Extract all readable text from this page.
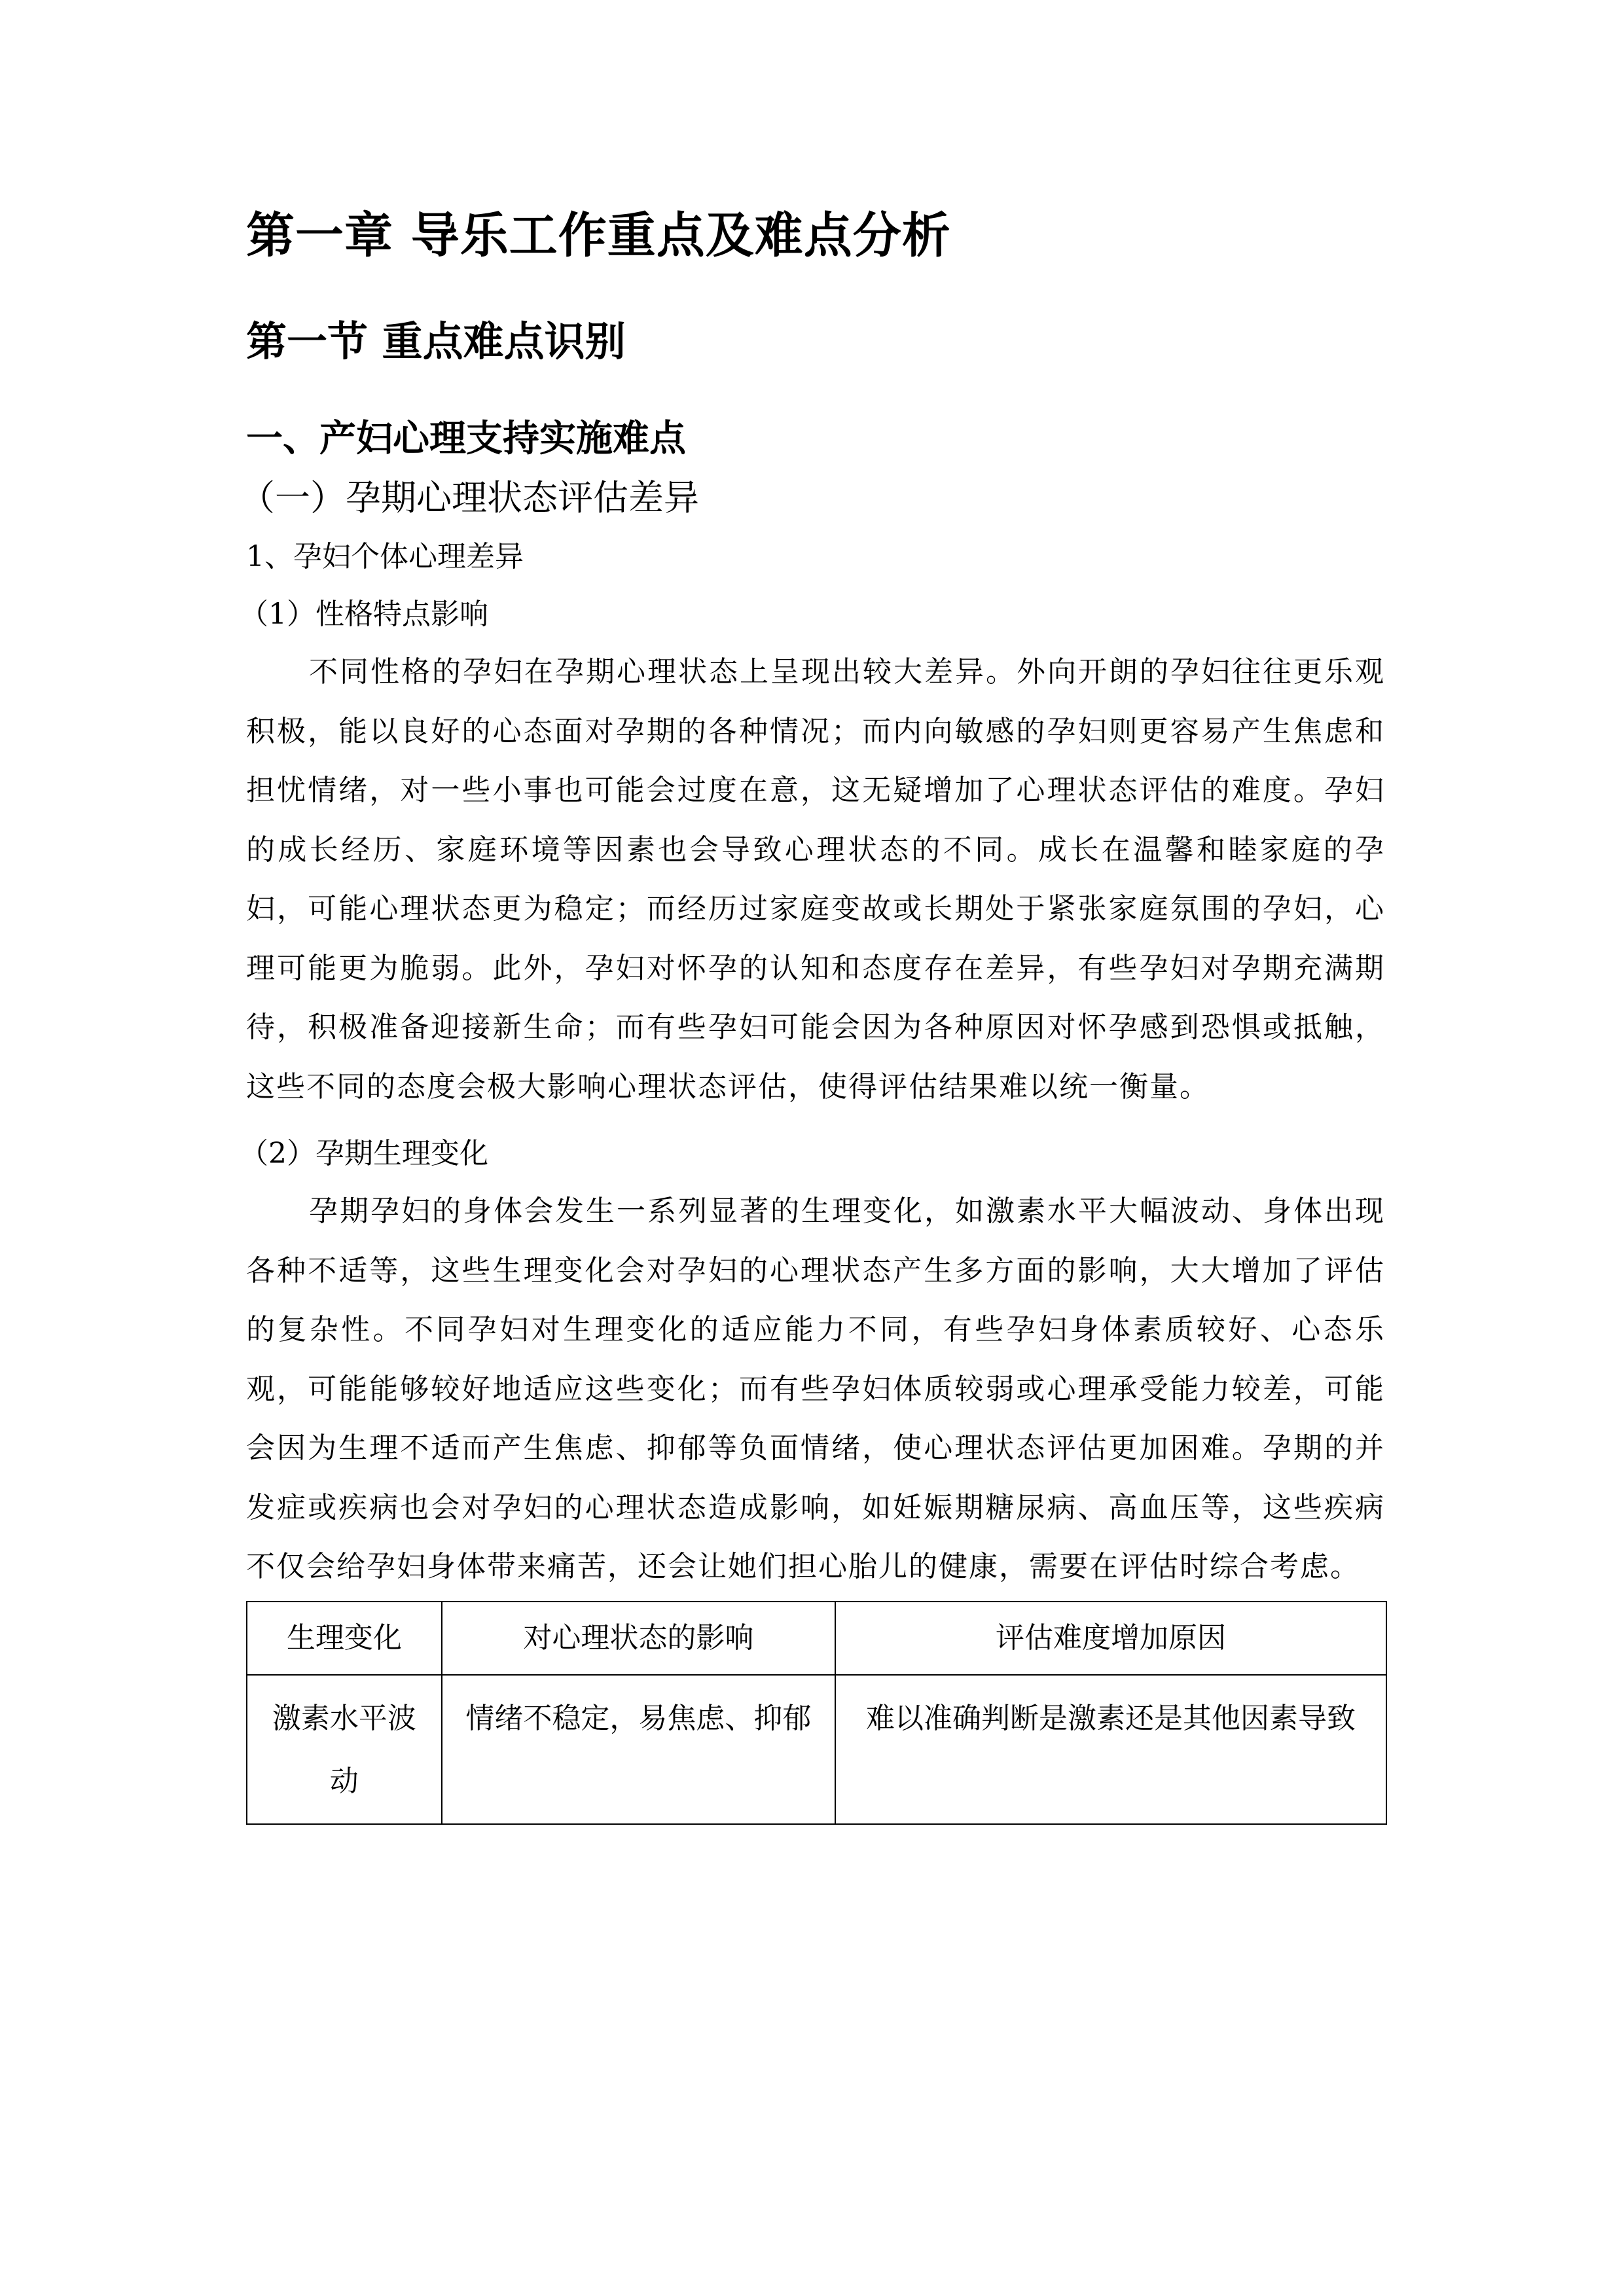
第一章 导乐工作重点及难点分析
第一节 重点难点识别
一、产妇心理支持实施难点
（一）孕期心理状态评估差异
1、孕妇个体心理差异
（1）性格特点影响

不同性格的孕妇在孕期心理状态上呈现出较大差异。外向开朗的孕妇往往更乐观积极，能以良好的心态面对孕期的各种情况；而内向敏感的孕妇则更容易产生焦虑和担忧情绪，对一些小事也可能会过度在意，这无疑增加了心理状态评估的难度。孕妇的成长经历、家庭环境等因素也会导致心理状态的不同。成长在温馨和睦家庭的孕妇，可能心理状态更为稳定；而经历过家庭变故或长期处于紧张家庭氛围的孕妇，心理可能更为脆弱。此外，孕妇对怀孕的认知和态度存在差异，有些孕妇对孕期充满期待，积极准备迎接新生命；而有些孕妇可能会因为各种原因对怀孕感到恐惧或抵触，这些不同的态度会极大影响心理状态评估，使得评估结果难以统一衡量。

（2）孕期生理变化

孕期孕妇的身体会发生一系列显著的生理变化，如激素水平大幅波动、身体出现各种不适等，这些生理变化会对孕妇的心理状态产生多方面的影响，大大增加了评估的复杂性。不同孕妇对生理变化的适应能力不同，有些孕妇身体素质较好、心态乐观，可能能够较好地适应这些变化；而有些孕妇体质较弱或心理承受能力较差，可能会因为生理不适而产生焦虑、抑郁等负面情绪，使心理状态评估更加困难。孕期的并发症或疾病也会对孕妇的心理状态造成影响，如妊娠期糖尿病、高血压等，这些疾病不仅会给孕妇身体带来痛苦，还会让她们担心胎儿的健康，需要在评估时综合考虑。

生理变化	对心理状态的影响	评估难度增加原因
激素水平波动	情绪不稳定，易焦虑、抑郁	难以准确判断是激素还是其他因素导致
